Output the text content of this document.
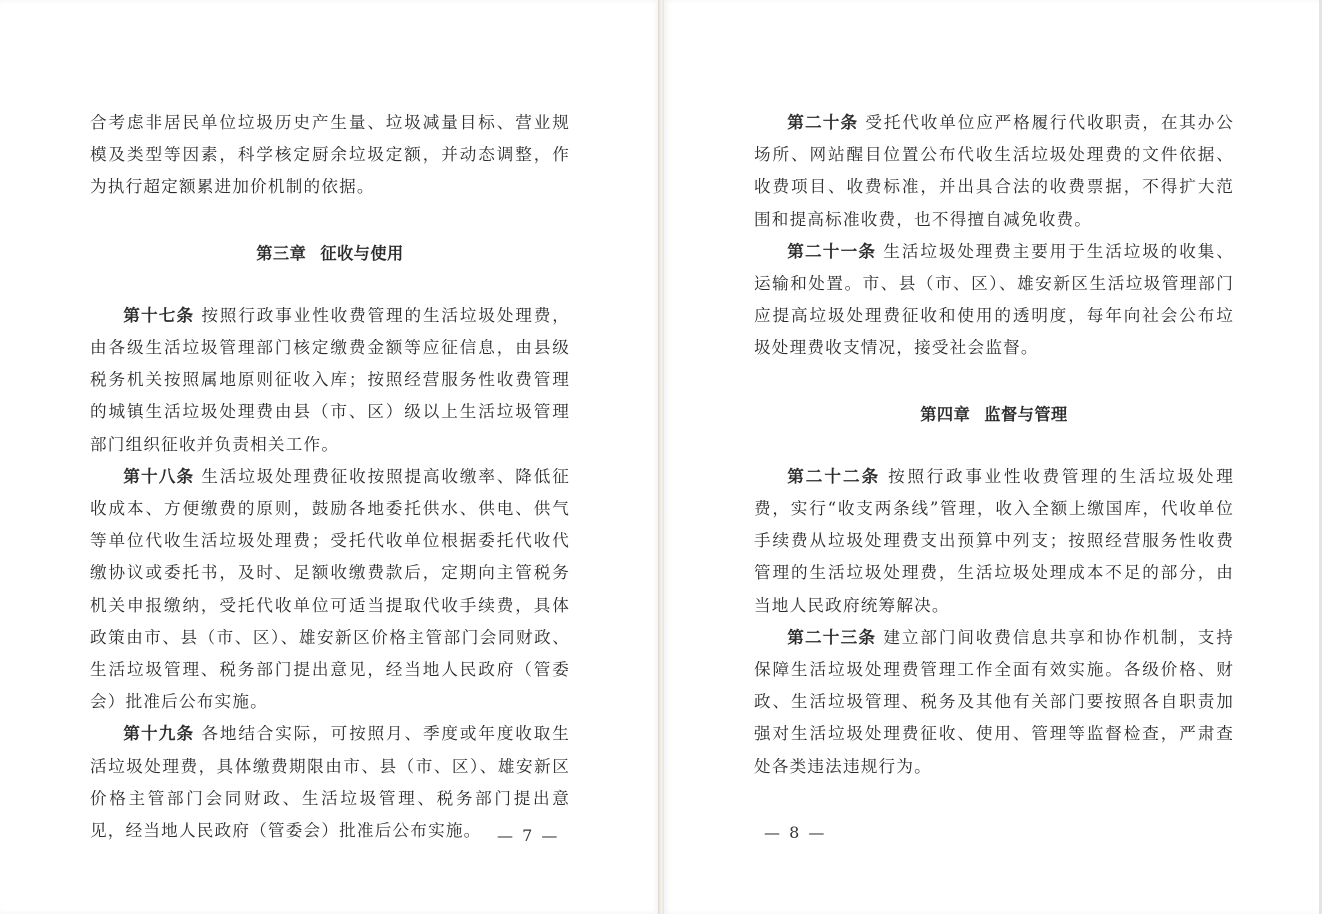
合考虑非居民单位垃圾历史产生量、垃圾减量目标、营业规模及类型等因素，科学核定厨余垃圾定额，并动态调整，作为执行超定额累进加价机制的依据。

第三章 征收与使用

第十七条 按照行政事业性收费管理的生活垃圾处理费，由各级生活垃圾管理部门核定缴费金额等应征信息，由县级税务机关按照属地原则征收入库；按照经营服务性收费管理的城镇生活垃圾处理费由县（市、区）级以上生活垃圾管理部门组织征收并负责相关工作。

第十八条 生活垃圾处理费征收按照提高收缴率、降低征收成本、方便缴费的原则，鼓励各地委托供水、供电、供气等单位代收生活垃圾处理费；受托代收单位根据委托代收代缴协议或委托书，及时、足额收缴费款后，定期向主管税务机关申报缴纳，受托代收单位可适当提取代收手续费，具体政策由市、县（市、区）、雄安新区价格主管部门会同财政、生活垃圾管理、税务部门提出意见，经当地人民政府（管委会）批准后公布实施。

第十九条 各地结合实际，可按照月、季度或年度收取生活垃圾处理费，具体缴费期限由市、县（市、区）、雄安新区价格主管部门会同财政、生活垃圾管理、税务部门提出意见，经当地人民政府（管委会）批准后公布实施。 — 7 —

第二十条 受托代收单位应严格履行代收职责，在其办公场所、网站醒目位置公布代收生活垃圾处理费的文件依据、收费项目、收费标准，并出具合法的收费票据，不得扩大范围和提高标准收费，也不得擅自减免收费。

第二十一条 生活垃圾处理费主要用于生活垃圾的收集、运输和处置。市、县（市、区）、雄安新区生活垃圾管理部门应提高垃圾处理费征收和使用的透明度，每年向社会公布垃圾处理费收支情况，接受社会监督。

第四章 监督与管理

第二十二条 按照行政事业性收费管理的生活垃圾处理费，实行“收支两条线”管理，收入全额上缴国库，代收单位手续费从垃圾处理费支出预算中列支；按照经营服务性收费管理的生活垃圾处理费，生活垃圾处理成本不足的部分，由当地人民政府统筹解决。

第二十三条 建立部门间收费信息共享和协作机制，支持保障生活垃圾处理费管理工作全面有效实施。各级价格、财政、生活垃圾管理、税务及其他有关部门要按照各自职责加强对生活垃圾处理费征收、使用、管理等监督检查，严肃查处各类违法违规行为。

— 8 —
